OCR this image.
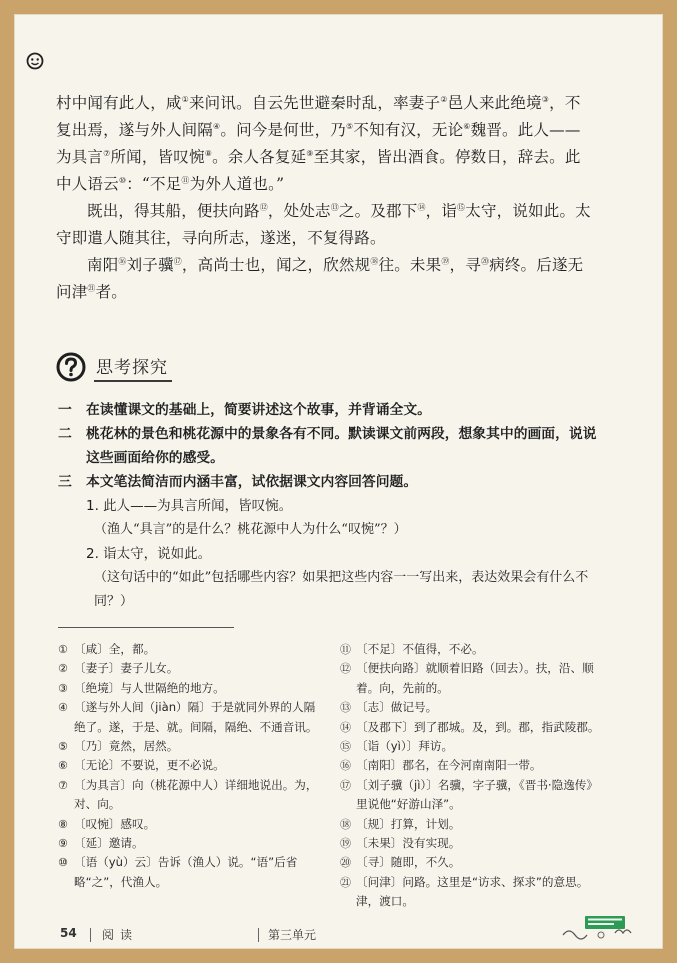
村中闻有此人，咸①来问讯。自云先世避秦时乱，率妻子②邑人来此绝境③，不复出焉，遂与外人间隔④。问今是何世，乃⑤不知有汉，无论⑥魏晋。此人——为具言⑦所闻，皆叹惋⑧。余人各复延⑨至其家，皆出酒食。停数日，辞去。此中人语云⑩：“不足⑪为外人道也。”

既出，得其船，便扶向路⑫，处处志⑬之。及郡下⑭，诣⑮太守，说如此。太守即遣人随其往，寻向所志，遂迷，不复得路。

南阳⑯刘子骥⑰，高尚士也，闻之，欣然规⑱往。未果⑲，寻⑳病终。后遂无问津$^㉑$者。

思考探究
一	在读懂课文的基础上，简要讲述这个故事，并背诵全文。
二	桃花林的景色和桃花源中的景象各有不同。默读课文前两段，想象其中的画面，说说这些画面给你的感受。
三	本文笔法简洁而内涵丰富，试依据课文内容回答问题。
1. 此人——为具言所闻，皆叹惋。
（渔人“具言”的是什么？桃花源中人为什么“叹惋”？）
2. 诣太守，说如此。
（这句话中的“如此”包括哪些内容？如果把这些内容一一写出来，表达效果会有什么不同？）
① 〔咸〕全，都。
② 〔妻子〕妻子儿女。
③ 〔绝境〕与人世隔绝的地方。
④ 〔遂与外人间（jiàn）隔〕于是就同外界的人隔绝了。遂，于是、就。间隔，隔绝、不通音讯。
⑤ 〔乃〕竟然，居然。
⑥ 〔无论〕不要说，更不必说。
⑦ 〔为具言〕向（桃花源中人）详细地说出。为，对、向。
⑧ 〔叹惋〕感叹。
⑨ 〔延〕邀请。
⑩ 〔语（yù）云〕告诉（渔人）说。“语”后省略“之”，代渔人。
⑪ 〔不足〕不值得，不必。
⑫ 〔便扶向路〕就顺着旧路（回去）。扶，沿、顺着。向，先前的。
⑬ 〔志〕做记号。
⑭ 〔及郡下〕到了郡城。及，到。郡，指武陵郡。
⑮ 〔诣（yì）〕拜访。
⑯ 〔南阳〕郡名，在今河南南阳一带。
⑰ 〔刘子骥（jì）〕名骥，字子骥，《晋书·隐逸传》里说他“好游山泽”。
⑱ 〔规〕打算，计划。
⑲ 〔未果〕没有实现。
⑳ 〔寻〕随即，不久。
㉑ 〔问津〕问路。这里是“访求、探求”的意思。津，渡口。
54 阅读	第三单元
